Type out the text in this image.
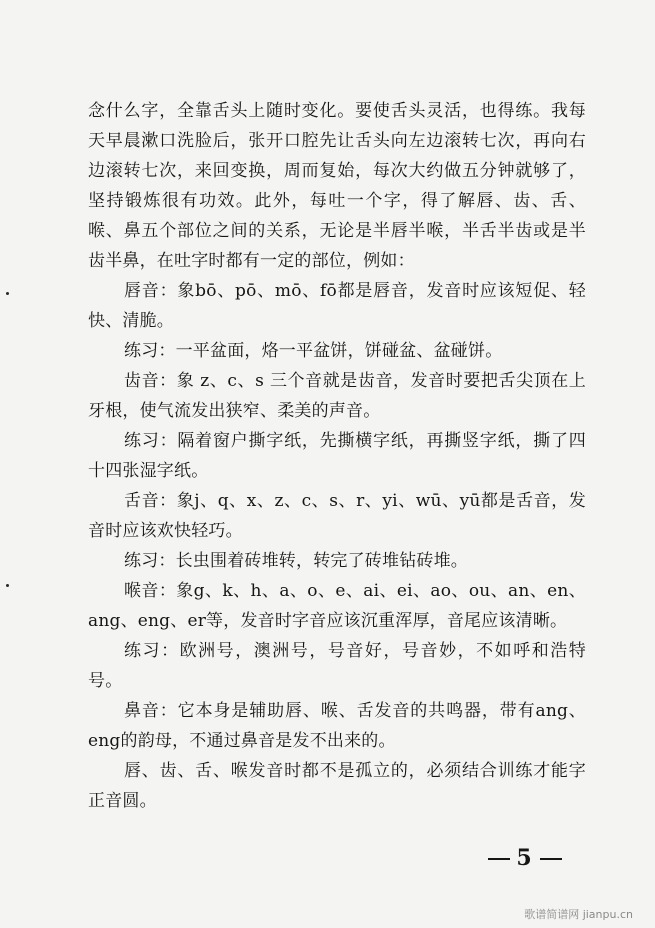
念什么字，全靠舌头上随时变化。要使舌头灵活，也得练。我每天早晨漱口洗脸后，张开口腔先让舌头向左边滚转七次，再向右边滚转七次，来回变换，周而复始，每次大约做五分钟就够了，坚持锻炼很有功效。此外，每吐一个字，得了解唇、齿、舌、喉、鼻五个部位之间的关系，无论是半唇半喉，半舌半齿或是半齿半鼻，在吐字时都有一定的部位，例如：

唇音：象bō、pō、mō、fō都是唇音，发音时应该短促、轻快、清脆。

练习：一平盆面，烙一平盆饼，饼碰盆、盆碰饼。

齿音：象 z、c、s 三个音就是齿音，发音时要把舌尖顶在上牙根，使气流发出狭窄、柔美的声音。

练习：隔着窗户撕字纸，先撕横字纸，再撕竖字纸，撕了四十四张湿字纸。

舌音：象j、q、x、z、c、s、r、yi、wū、yū都是舌音，发音时应该欢快轻巧。

练习：长虫围着砖堆转，转完了砖堆钻砖堆。

喉音：象g、k、h、a、o、e、ai、ei、ao、ou、an、en、ang、eng、er等，发音时字音应该沉重浑厚，音尾应该清晰。

练习：欧洲号，澳洲号，号音好，号音妙，不如呼和浩特号。

鼻音：它本身是辅助唇、喉、舌发音的共鸣器，带有ang、eng的韵母，不通过鼻音是发不出来的。

唇、齿、舌、喉发音时都不是孤立的，必须结合训练才能字正音圆。

5
歌谱简谱网 jianpu.cn
